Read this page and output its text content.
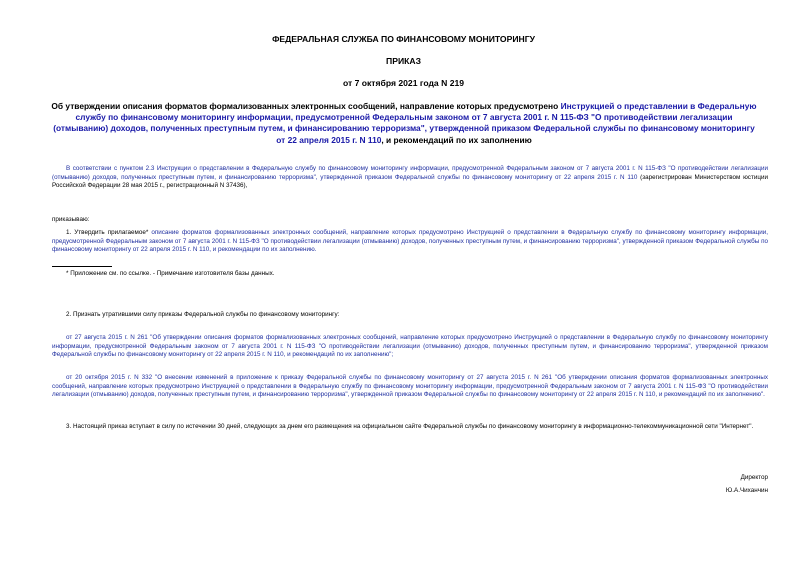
ФЕДЕРАЛЬНАЯ СЛУЖБА ПО ФИНАНСОВОМУ МОНИТОРИНГУ
ПРИКАЗ
от 7 октября 2021 года N 219
Об утверждении описания форматов формализованных электронных сообщений, направление которых предусмотрено Инструкцией о представлении в Федеральную службу по финансовому мониторингу информации, предусмотренной Федеральным законом от 7 августа 2001 г. N 115-ФЗ "О противодействии легализации (отмыванию) доходов, полученных преступным путем, и финансированию терроризма", утвержденной приказом Федеральной службы по финансовому мониторингу от 22 апреля 2015 г. N 110, и рекомендаций по их заполнению
В соответствии с пунктом 2.3 Инструкции о представлении в Федеральную службу по финансовому мониторингу информации, предусмотренной Федеральным законом от 7 августа 2001 г. N 115-ФЗ "О противодействии легализации (отмыванию) доходов, полученных преступным путем, и финансированию терроризма", утвержденной приказом Федеральной службы по финансовому мониторингу от 22 апреля 2015 г. N 110 (зарегистрирован Министерством юстиции Российской Федерации 28 мая 2015 г., регистрационный N 37436),
приказываю:
1. Утвердить прилагаемое* описание форматов формализованных электронных сообщений, направление которых предусмотрено Инструкцией о представлении в Федеральную службу по финансовому мониторингу информации, предусмотренной Федеральным законом от 7 августа 2001 г. N 115-ФЗ "О противодействии легализации (отмыванию) доходов, полученных преступным путем, и финансированию терроризма", утвержденной приказом Федеральной службы по финансовому мониторингу от 22 апреля 2015 г. N 110, и рекомендации по их заполнению.
* Приложение см. по ссылке. - Примечание изготовителя базы данных.
2. Признать утратившими силу приказы Федеральной службы по финансовому мониторингу:
от 27 августа 2015 г. N 261 "Об утверждении описания форматов формализованных электронных сообщений, направление которых предусмотрено Инструкцией о представлении в Федеральную службу по финансовому мониторингу информации, предусмотренной Федеральным законом от 7 августа 2001 г. N 115-ФЗ "О противодействии легализации (отмыванию) доходов, полученных преступным путем, и финансированию терроризма", утвержденной приказом Федеральной службы по финансовому мониторингу от 22 апреля 2015 г. N 110, и рекомендаций по их заполнению";
от 20 октября 2015 г. N 332 "О внесении изменений в приложение к приказу Федеральной службы по финансовому мониторингу от 27 августа 2015 г. N 261 "Об утверждении описания форматов формализованных электронных сообщений, направление которых предусмотрено Инструкцией о представлении в Федеральную службу по финансовому мониторингу информации, предусмотренной Федеральным законом от 7 августа 2001 г. N 115-ФЗ "О противодействии легализации (отмыванию) доходов, полученных преступным путем, и финансированию терроризма", утвержденной приказом Федеральной службы по финансовому мониторингу от 22 апреля 2015 г. N 110, и рекомендаций по их заполнению".
3. Настоящий приказ вступает в силу по истечении 30 дней, следующих за днем его размещения на официальном сайте Федеральной службы по финансовому мониторингу в информационно-телекоммуникационной сети "Интернет".
Директор
Ю.А.Чиханчин
